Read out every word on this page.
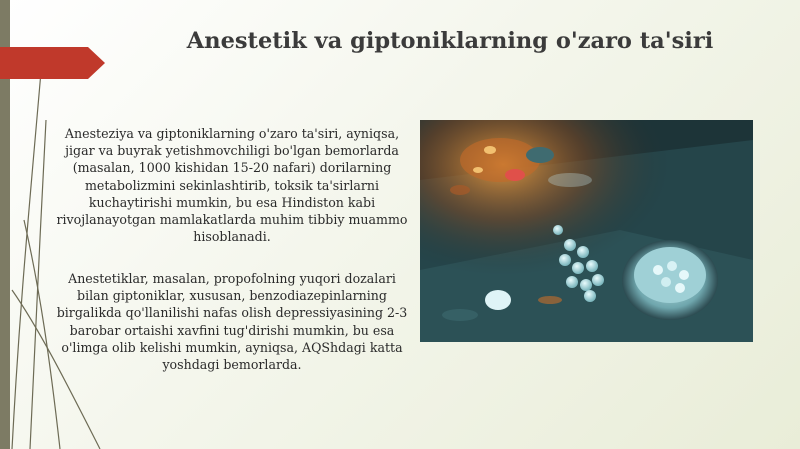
Anestetik va giptoniklarning o'zaro ta'siri

Anesteziya va giptoniklarning o'zaro ta'siri, ayniqsa, jigar va buyrak yetishmovchiligi bo'lgan bemorlarda (masalan, 1000 kishidan 15-20 nafari) dorilarning metabolizmini sekinlashtirib, toksik ta'sirlarni kuchaytirishi mumkin, bu esa Hindiston kabi rivojlanayotgan mamlakatlarda muhim tibbiy muammo hisoblanadi.

Anestetiklar, masalan, propofolning yuqori dozalari bilan giptoniklar, xususan, benzodiazepinlarning birgalikda qo'llanilishi nafas olish depressiyasining 2-3 barobar ortaishi xavfini tug'dirishi mumkin, bu esa o'limga olib kelishi mumkin, ayniqsa, AQShdagi katta yoshdagi bemorlarda.
